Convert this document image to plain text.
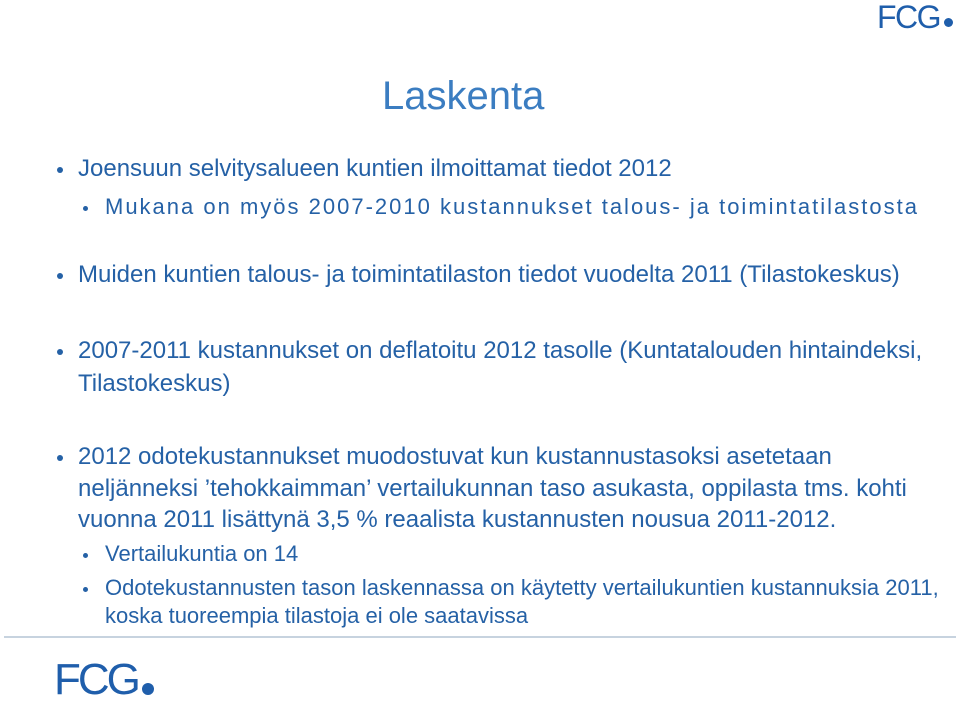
FCG
Laskenta
Joensuun selvitysalueen kuntien ilmoittamat tiedot 2012
Mukana on myös 2007-2010 kustannukset talous- ja toimintatilastosta
Muiden kuntien talous- ja toimintatilaston tiedot vuodelta 2011 (Tilastokeskus)
2007-2011 kustannukset on deflatoitu 2012 tasolle (Kuntatalouden hintaindeksi,
Tilastokeskus)
2012 odotekustannukset muodostuvat kun kustannustasoksi asetetaan
neljänneksi ’tehokkaimman’ vertailukunnan taso asukasta, oppilasta tms. kohti
vuonna 2011 lisättynä 3,5 % reaalista kustannusten nousua 2011-2012.
Vertailukuntia on 14
Odotekustannusten tason laskennassa on käytetty vertailukuntien kustannuksia 2011,
koska tuoreempia tilastoja ei ole saatavissa
FCG
